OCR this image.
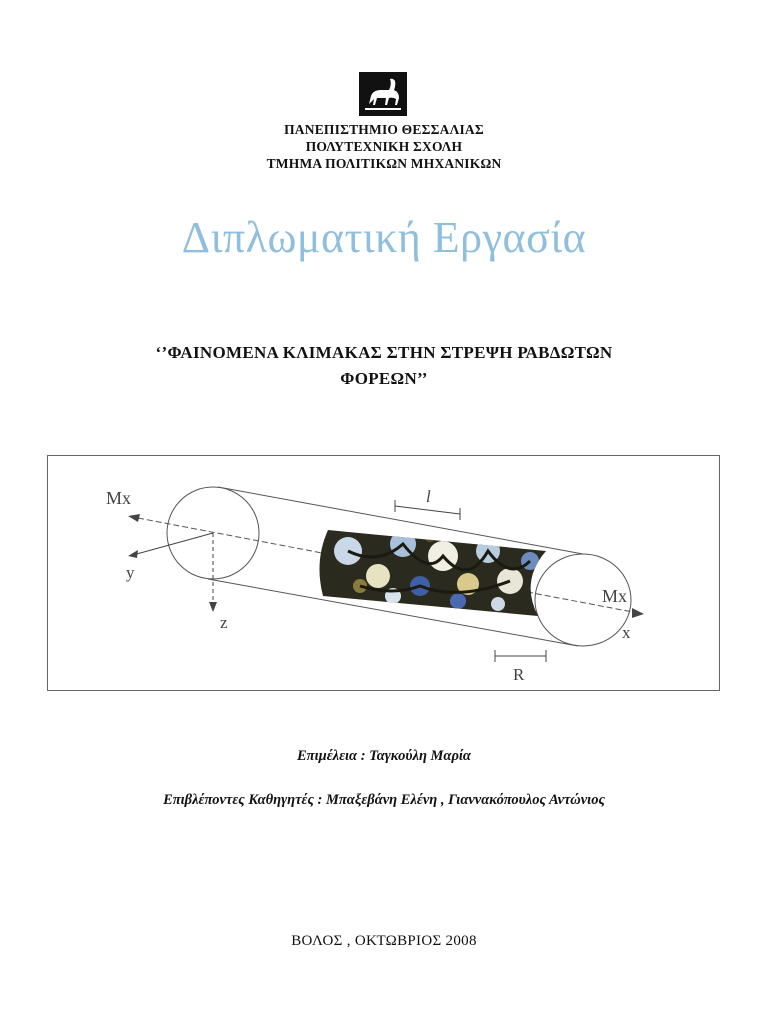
ΠΑΝΕΠΙΣΤΗΜΙΟ ΘΕΣΣΑΛΙΑΣ
ΠΟΛΥΤΕΧΝΙΚΗ ΣΧΟΛΗ
ΤΜΗΜΑ ΠΟΛΙΤΙΚΩΝ ΜΗΧΑΝΙΚΩΝ
Διπλωματική Εργασία
‘’ΦΑΙΝΟΜΕΝΑ ΚΛΙΜΑΚΑΣ ΣΤΗΝ ΣΤΡΕΨΗ ΡΑΒΔΩΤΩΝ
ΦΟΡΕΩΝ’’
l
R
y
z
Mx
Mx
x
Επιμέλεια : Ταγκούλη Μαρία
Επιβλέποντες Καθηγητές : Μπαξεβάνη Ελένη , Γιαννακόπουλος Αντώνιος
ΒΟΛΟΣ , ΟΚΤΩΒΡΙΟΣ 2008
